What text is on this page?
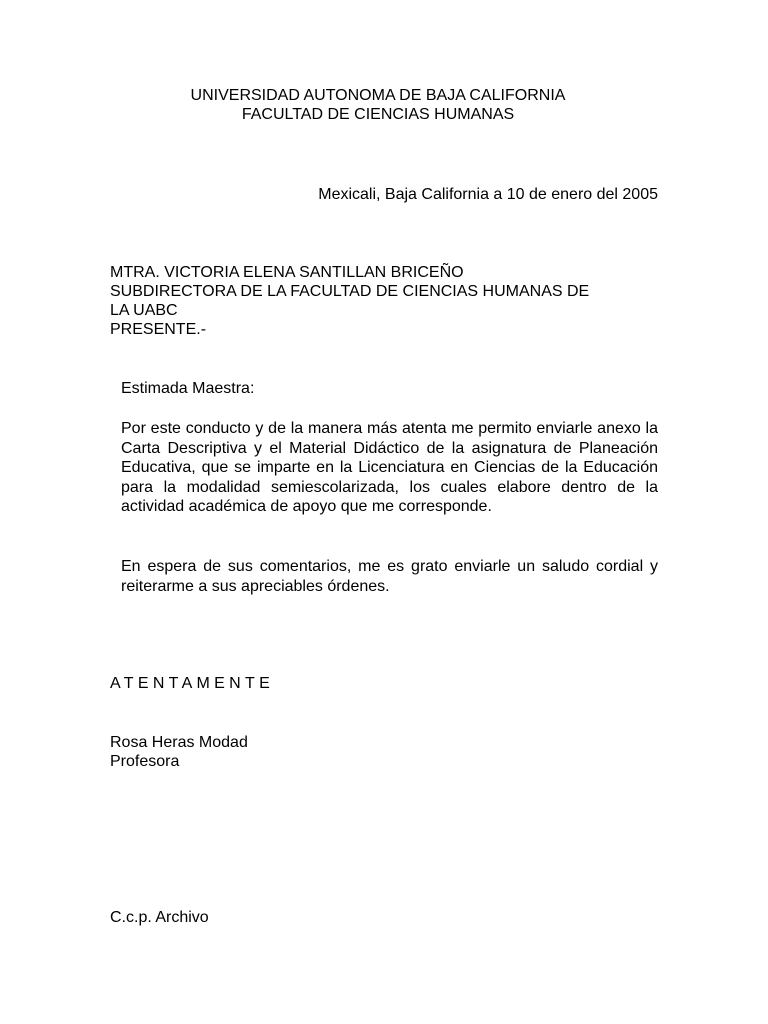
UNIVERSIDAD AUTONOMA DE BAJA CALIFORNIA
FACULTAD DE CIENCIAS HUMANAS
Mexicali, Baja California a 10 de enero del 2005
MTRA. VICTORIA ELENA SANTILLAN BRICEÑO
SUBDIRECTORA DE LA FACULTAD DE CIENCIAS HUMANAS DE
LA UABC
PRESENTE.-
Estimada Maestra:
Por este conducto y de la manera más atenta me permito enviarle anexo la Carta Descriptiva y el Material Didáctico de la asignatura de Planeación Educativa, que se imparte en la Licenciatura en Ciencias de la Educación para la modalidad semiescolarizada, los cuales elabore dentro de la actividad académica de apoyo que me corresponde.
En espera de sus comentarios, me es grato enviarle un saludo cordial y reiterarme a sus apreciables órdenes.
ATENTAMENTE
Rosa Heras Modad
Profesora
C.c.p. Archivo
